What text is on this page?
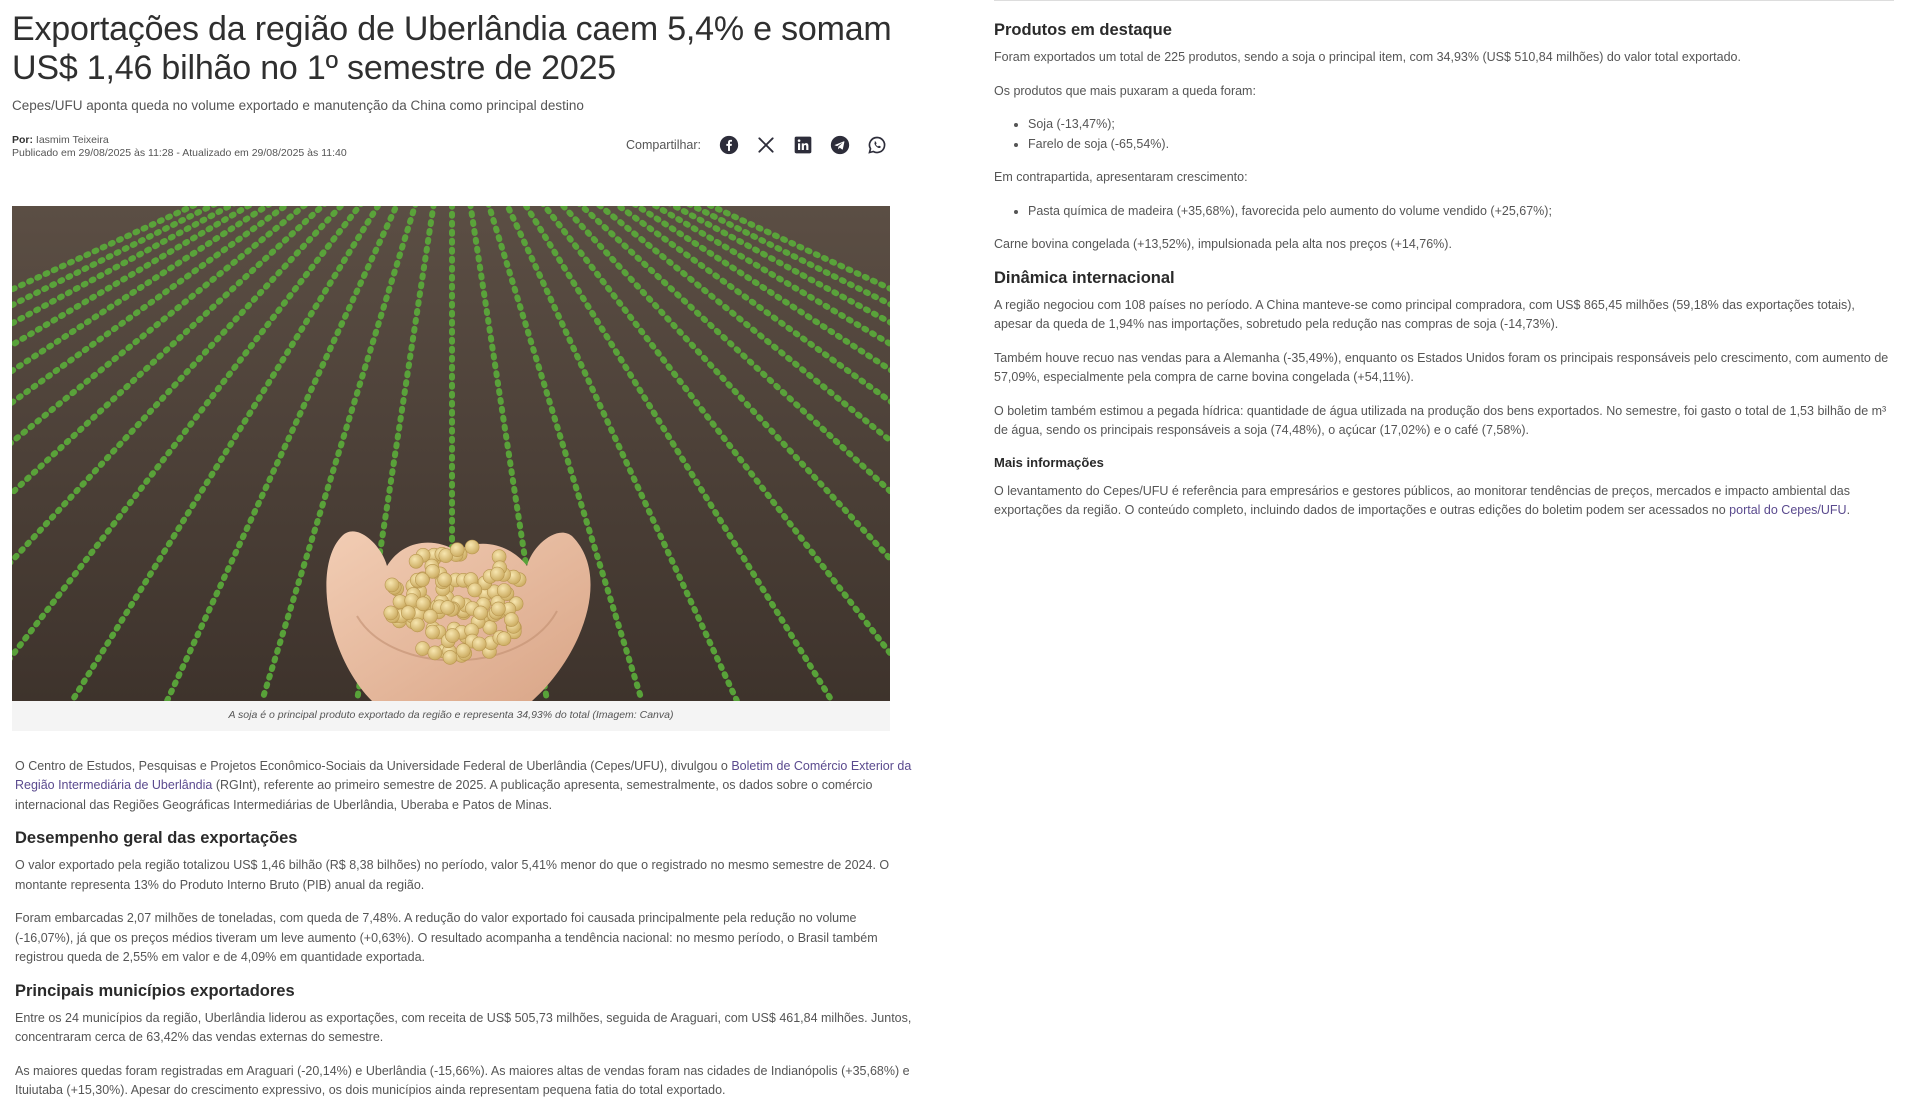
Exportações da região de Uberlândia caem 5,4% e somam US$ 1,46 bilhão no 1º semestre de 2025

Cepes/UFU aponta queda no volume exportado e manutenção da China como principal destino

Por: Iasmim Teixeira
Publicado em 29/08/2025 às 11:28 - Atualizado em 29/08/2025 às 11:40
Compartilhar:
A soja é o principal produto exportado da região e representa 34,93% do total (Imagem: Canva)

O Centro de Estudos, Pesquisas e Projetos Econômico-Sociais da Universidade Federal de Uberlândia (Cepes/UFU), divulgou o Boletim de Comércio Exterior da Região Intermediária de Uberlândia (RGInt), referente ao primeiro semestre de 2025. A publicação apresenta, semestralmente, os dados sobre o comércio internacional das Regiões Geográficas Intermediárias de Uberlândia, Uberaba e Patos de Minas.

Desempenho geral das exportações

O valor exportado pela região totalizou US$ 1,46 bilhão (R$ 8,38 bilhões) no período, valor 5,41% menor do que o registrado no mesmo semestre de 2024. O montante representa 13% do Produto Interno Bruto (PIB) anual da região.

Foram embarcadas 2,07 milhões de toneladas, com queda de 7,48%. A redução do valor exportado foi causada principalmente pela redução no volume (-16,07%), já que os preços médios tiveram um leve aumento (+0,63%). O resultado acompanha a tendência nacional: no mesmo período, o Brasil também registrou queda de 2,55% em valor e de 4,09% em quantidade exportada.

Principais municípios exportadores

Entre os 24 municípios da região, Uberlândia liderou as exportações, com receita de US$ 505,73 milhões, seguida de Araguari, com US$ 461,84 milhões. Juntos, concentraram cerca de 63,42% das vendas externas do semestre.

As maiores quedas foram registradas em Araguari (-20,14%) e Uberlândia (-15,66%). As maiores altas de vendas foram nas cidades de Indianópolis (+35,68%) e Ituiutaba (+15,30%). Apesar do crescimento expressivo, os dois municípios ainda representam pequena fatia do total exportado.

Produtos em destaque

Foram exportados um total de 225 produtos, sendo a soja o principal item, com 34,93% (US$ 510,84 milhões) do valor total exportado.

Os produtos que mais puxaram a queda foram:

• Soja (-13,47%);
• Farelo de soja (-65,54%).

Em contrapartida, apresentaram crescimento:

• Pasta química de madeira (+35,68%), favorecida pelo aumento do volume vendido (+25,67%);

Carne bovina congelada (+13,52%), impulsionada pela alta nos preços (+14,76%).

Dinâmica internacional

A região negociou com 108 países no período. A China manteve-se como principal compradora, com US$ 865,45 milhões (59,18% das exportações totais), apesar da queda de 1,94% nas importações, sobretudo pela redução nas compras de soja (-14,73%).

Também houve recuo nas vendas para a Alemanha (-35,49%), enquanto os Estados Unidos foram os principais responsáveis pelo crescimento, com aumento de 57,09%, especialmente pela compra de carne bovina congelada (+54,11%).

O boletim também estimou a pegada hídrica: quantidade de água utilizada na produção dos bens exportados. No semestre, foi gasto o total de 1,53 bilhão de m³ de água, sendo os principais responsáveis a soja (74,48%), o açúcar (17,02%) e o café (7,58%).

Mais informações

O levantamento do Cepes/UFU é referência para empresários e gestores públicos, ao monitorar tendências de preços, mercados e impacto ambiental das exportações da região. O conteúdo completo, incluindo dados de importações e outras edições do boletim podem ser acessados no portal do Cepes/UFU.
